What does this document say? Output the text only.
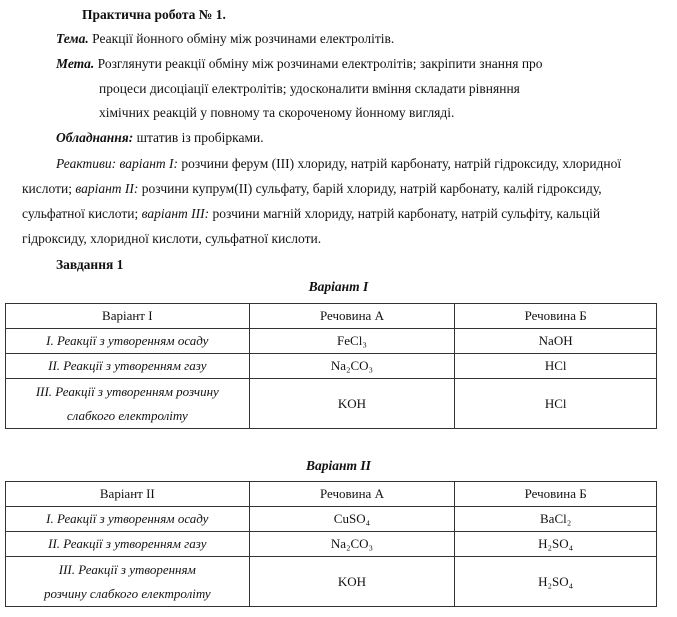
Практична робота № 1.
Тема. Реакції йонного обміну між розчинами електролітів.
Мета. Розглянути реакції обміну між розчинами електролітів; закріпити знання про
процеси дисоціації електролітів; удосконалити вміння складати рівняння
хімічних реакцій у повному та скороченому йонному вигляді.
Обладнання: штатив із пробірками.
Реактиви: варіант І: розчини ферум (ІІІ) хлориду, натрій карбонату, натрій гідроксиду, хлоридної
кислоти; варіант ІІ: розчини купрум(ІІ) сульфату, барій хлориду, натрій карбонату, калій гідроксиду,
сульфатної кислоти; варіант ІІІ: розчини магній хлориду, натрій карбонату, натрій сульфіту, кальцій
гідроксиду, хлоридної кислоти, сульфатної кислоти.
Завдання 1
Варіант І
Варіант І	Речовина А	Речовина Б
І. Реакції з утворенням осаду	FeCl₃	NaOH
ІІ. Реакції з утворенням газу	Na₂CO₃	HCl

ІІІ. Реакції з утворенням розчину
слабкого електроліту	KOH	HCl
Варіант ІІ
Варіант ІІ	Речовина А	Речовина Б
І. Реакції з утворенням осаду	CuSO₄	BaCl₂
ІІ. Реакції з утворенням газу	Na₂CO₃	H₂SO₄

ІІІ. Реакції з утворенням
розчину слабкого електроліту	KOH	H₂SO₄
